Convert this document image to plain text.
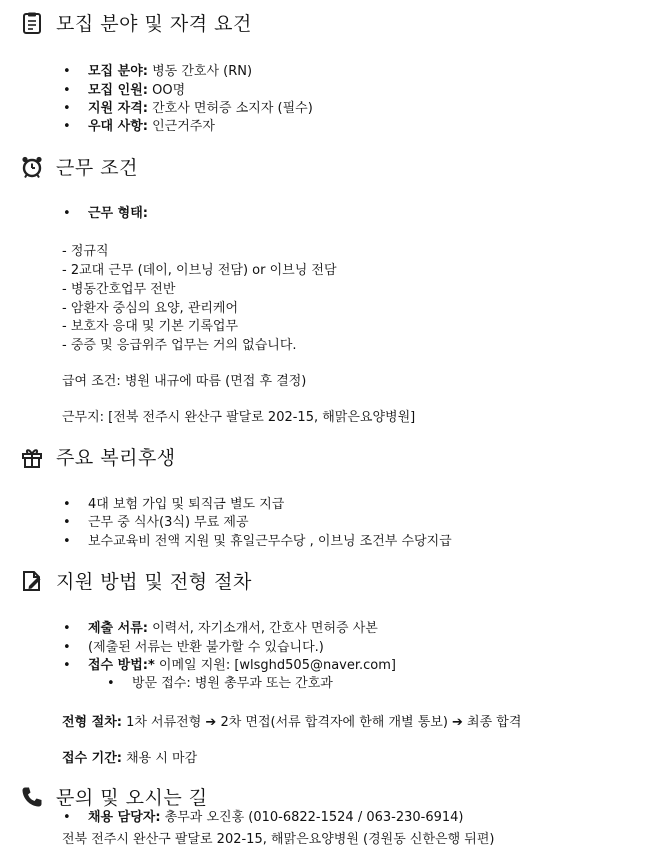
모집 분야 및 자격 요건
• 모집 분야: 병동 간호사 (RN)
• 모집 인원: OO명
• 지원 자격: 간호사 면허증 소지자 (필수)
• 우대 사항: 인근거주자
근무 조건
• 근무 형태:
- 정규직
- 2교대 근무 (데이, 이브닝 전담) or 이브닝 전담
- 병동간호업무 전반
- 암환자 중심의 요양, 관리케어
- 보호자 응대 및 기본 기록업무
- 중증 및 응급위주 업무는 거의 없습니다.
급여 조건: 병원 내규에 따름 (면접 후 결정)
근무지: [전북 전주시 완산구 팔달로 202-15, 해맑은요양병원]
주요 복리후생
• 4대 보험 가입 및 퇴직금 별도 지급
• 근무 중 식사(3식) 무료 제공
• 보수교육비 전액 지원 및 휴일근무수당 , 이브닝 조건부 수당지급
지원 방법 및 전형 절차
• 제출 서류: 이력서, 자기소개서, 간호사 면허증 사본
• (제출된 서류는 반환 불가할 수 있습니다.)
• 접수 방법:* 이메일 지원: [wlsghd505@naver.com]
• 방문 접수: 병원 총무과 또는 간호과
전형 절차: 1차 서류전형 ➔ 2차 면접(서류 합격자에 한해 개별 통보) ➔ 최종 합격
접수 기간: 채용 시 마감
문의 및 오시는 길
• 채용 담당자: 총무과 오진홍 (010-6822-1524 / 063-230-6914)
전북 전주시 완산구 팔달로 202-15, 해맑은요양병원 (경원동 신한은행 뒤편)
